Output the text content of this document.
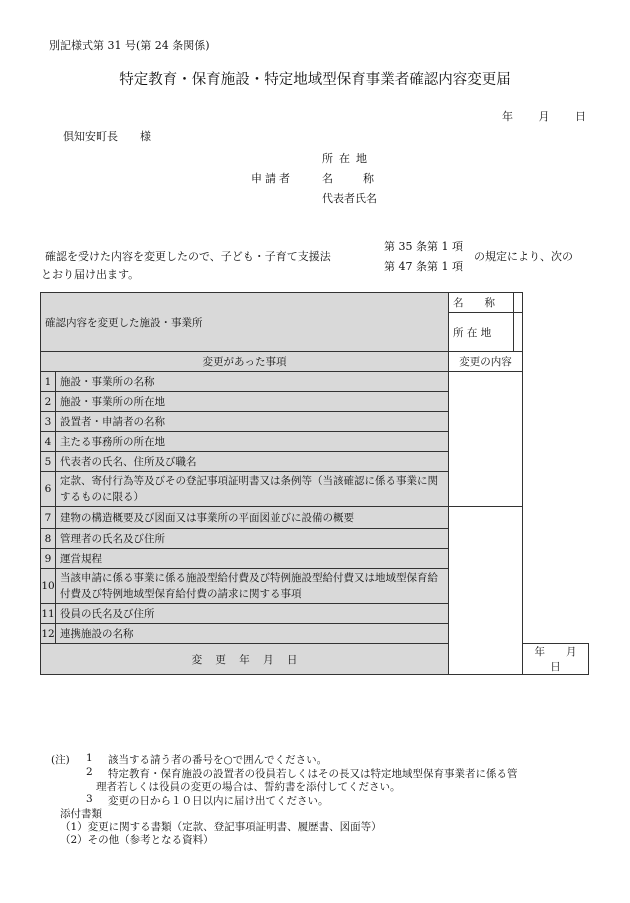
別記様式第 31 号(第 24 条関係)
特定教育・保育施設・特定地域型保育事業者確認内容変更届
年 月 日
倶知安町長　　様
所在地
名	称
代表者氏名
申請者
確認を受けた内容を変更したので、子ども・子育て支援法
第 35 条第 1 項
第 47 条第 1 項
の規定により、次の
とおり届け出ます。
確認内容を変更した施設・事業所		名　　称		
		所 在 地		
変更があった事項		変更の内容		
1	施設・事業所の名称			
2	施設・事業所の所在地			
3	設置者・申請者の名称			
4	主たる事務所の所在地			
5	代表者の氏名、住所及び職名			
6	定款、寄付行為等及びその登記事項証明書又は条例等（当該確認に係る事業に関するものに限る）			
7	建物の構造概要及び図面又は事業所の平面図並びに設備の概要			
8	管理者の氏名及び住所			
9	運営規程			
10	当該申請に係る事業に係る施設型給付費及び特例施設型給付費又は地域型保育給付費及び特例地域型保育給付費の請求に関する事項			
11	役員の氏名及び住所			
12	連携施設の名称			
変 更 年 月 日				年　　月　　日
(注) 1 該当する請う者の番号を○で囲んでください。
2 特定教育・保育施設の設置者の役員若しくはその長又は特定地域型保育事業者に係る管
理者若しくは役員の変更の場合は、誓約書を添付してください。
3 変更の日から１０日以内に届け出てください。
添付書類
（1）変更に関する書類（定款、登記事項証明書、履歴書、図面等）
（2）その他（参考となる資料）
